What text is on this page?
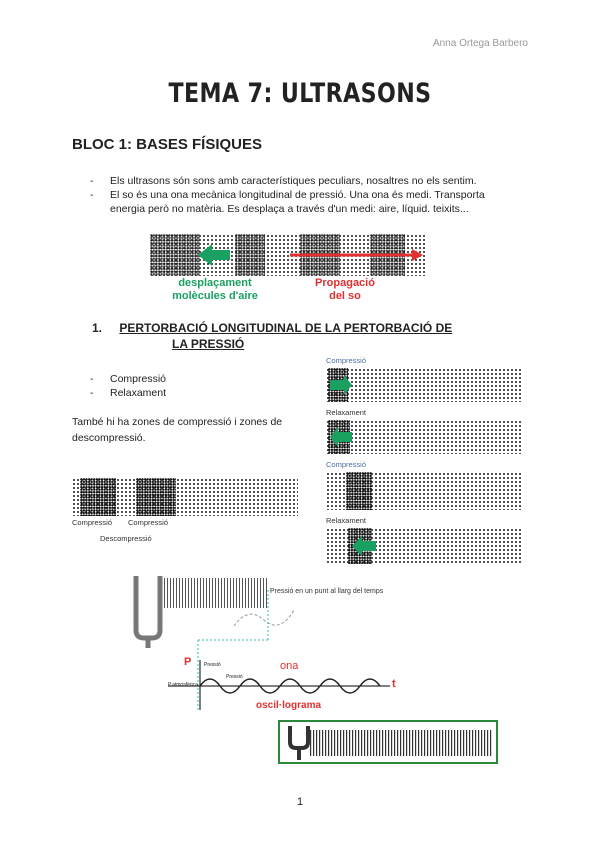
Anna Ortega Barbero
TEMA 7: ULTRASONS
BLOC 1: BASES FÍSIQUES
- Els ultrasons són sons amb característiques peculiars, nosaltres no els sentim.
- El so és una ona mecànica longitudinal de pressió. Una ona és medi. Transporta energia però no matèria. Es desplaça a través d'un medi: aire, líquid. teixits...
desplaçament
molècules d'aire
Propagació
del so
1. PERTORBACIÓ LONGITUDINAL DE LA PERTORBACIÓ DE
LA PRESSIÓ
- Compressió
- Relaxament
També hi ha zones de compressió i zones de descompressió.
Compressió
Relaxament
Compressió
Relaxament
Compressió Compressió
Descompressió
Pressió en un punt al llarg del temps
P	ona
t
oscil·lograma
Pressió
Pressió
P.atmosfèrica
1
